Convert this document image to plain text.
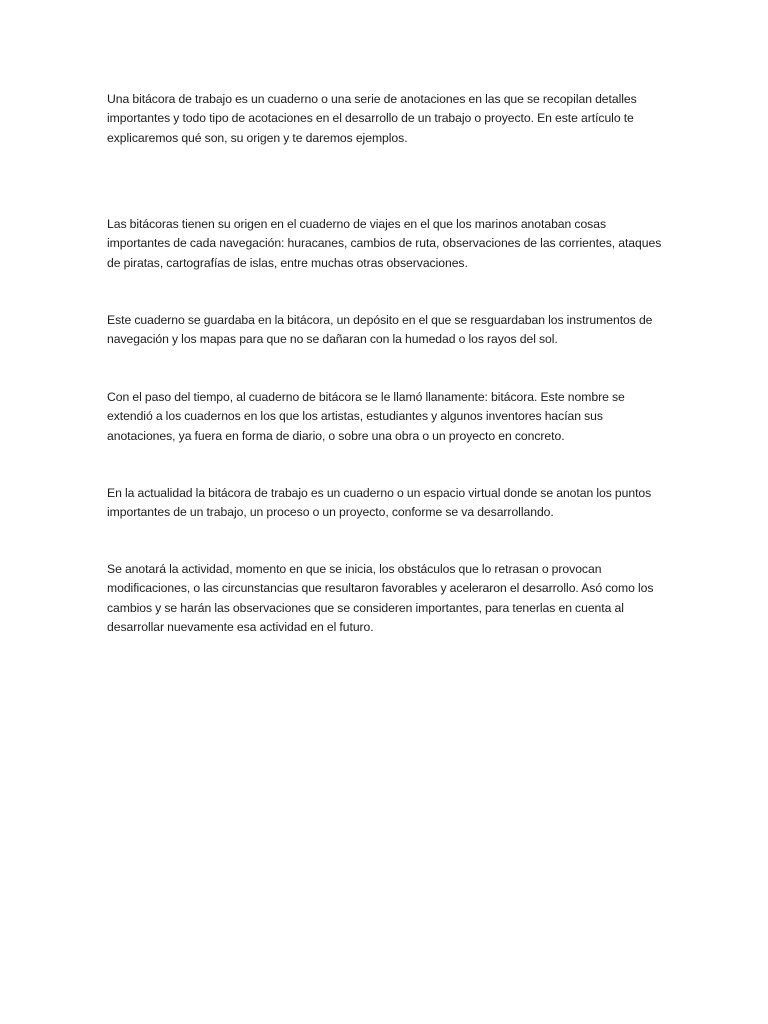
Una bitácora de trabajo es un cuaderno o una serie de anotaciones en las que se recopilan detalles importantes y todo tipo de acotaciones en el desarrollo de un trabajo o proyecto. En este artículo te explicaremos qué son, su origen y te daremos ejemplos.

Las bitácoras tienen su origen en el cuaderno de viajes en el que los marinos anotaban cosas importantes de cada navegación: huracanes, cambios de ruta, observaciones de las corrientes, ataques de piratas, cartografías de islas, entre muchas otras observaciones.

Este cuaderno se guardaba en la bitácora, un depósito en el que se resguardaban los instrumentos de navegación y los mapas para que no se dañaran con la humedad o los rayos del sol.

Con el paso del tiempo, al cuaderno de bitácora se le llamó llanamente: bitácora. Este nombre se extendió a los cuadernos en los que los artistas, estudiantes y algunos inventores hacían sus anotaciones, ya fuera en forma de diario, o sobre una obra o un proyecto en concreto.

En la actualidad la bitácora de trabajo es un cuaderno o un espacio virtual donde se anotan los puntos importantes de un trabajo, un proceso o un proyecto, conforme se va desarrollando.

Se anotará la actividad, momento en que se inicia, los obstáculos que lo retrasan o provocan modificaciones, o las circunstancias que resultaron favorables y aceleraron el desarrollo. Asó como los cambios y se harán las observaciones que se consideren importantes, para tenerlas en cuenta al desarrollar nuevamente esa actividad en el futuro.
